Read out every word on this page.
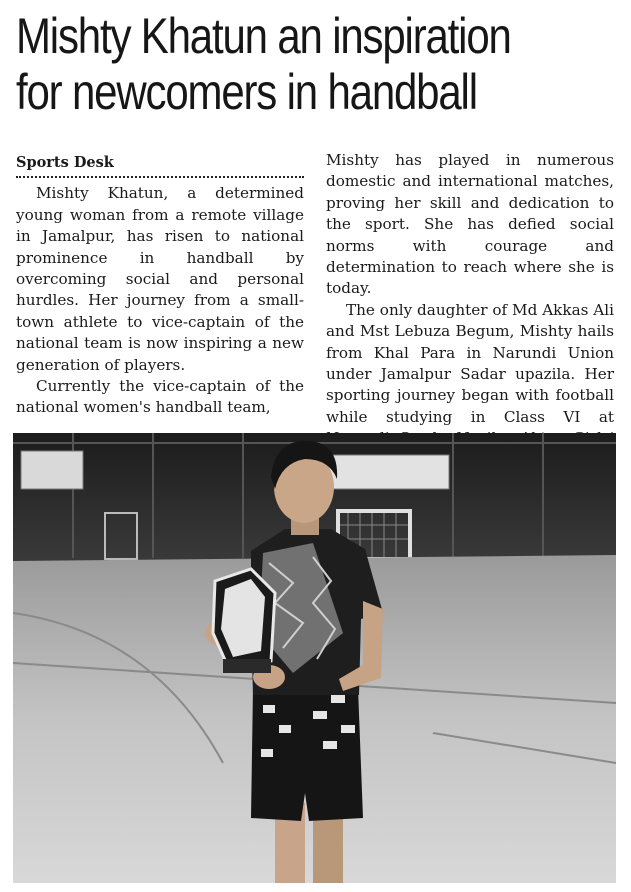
Mishty Khatun an inspiration
for newcomers in handball
Sports Desk

Mishty Khatun, a determined young woman from a remote village in Jamalpur, has risen to national prominence in handball by overcoming social and personal hurdles. Her journey from a small-town athlete to vice-captain of the national team is now inspiring a new generation of players.

Currently the vice-captain of the national women's handball team,

Mishty has played in numerous domestic and international matches, proving her skill and dedication to the sport. She has defied social norms with courage and determination to reach where she is today.

The only daughter of Md Akkas Ali and Mst Lebuza Begum, Mishty hails from Khal Para in Narundi Union under Jamalpur Sadar upazila. Her sporting journey began with football while studying in Class VI at
